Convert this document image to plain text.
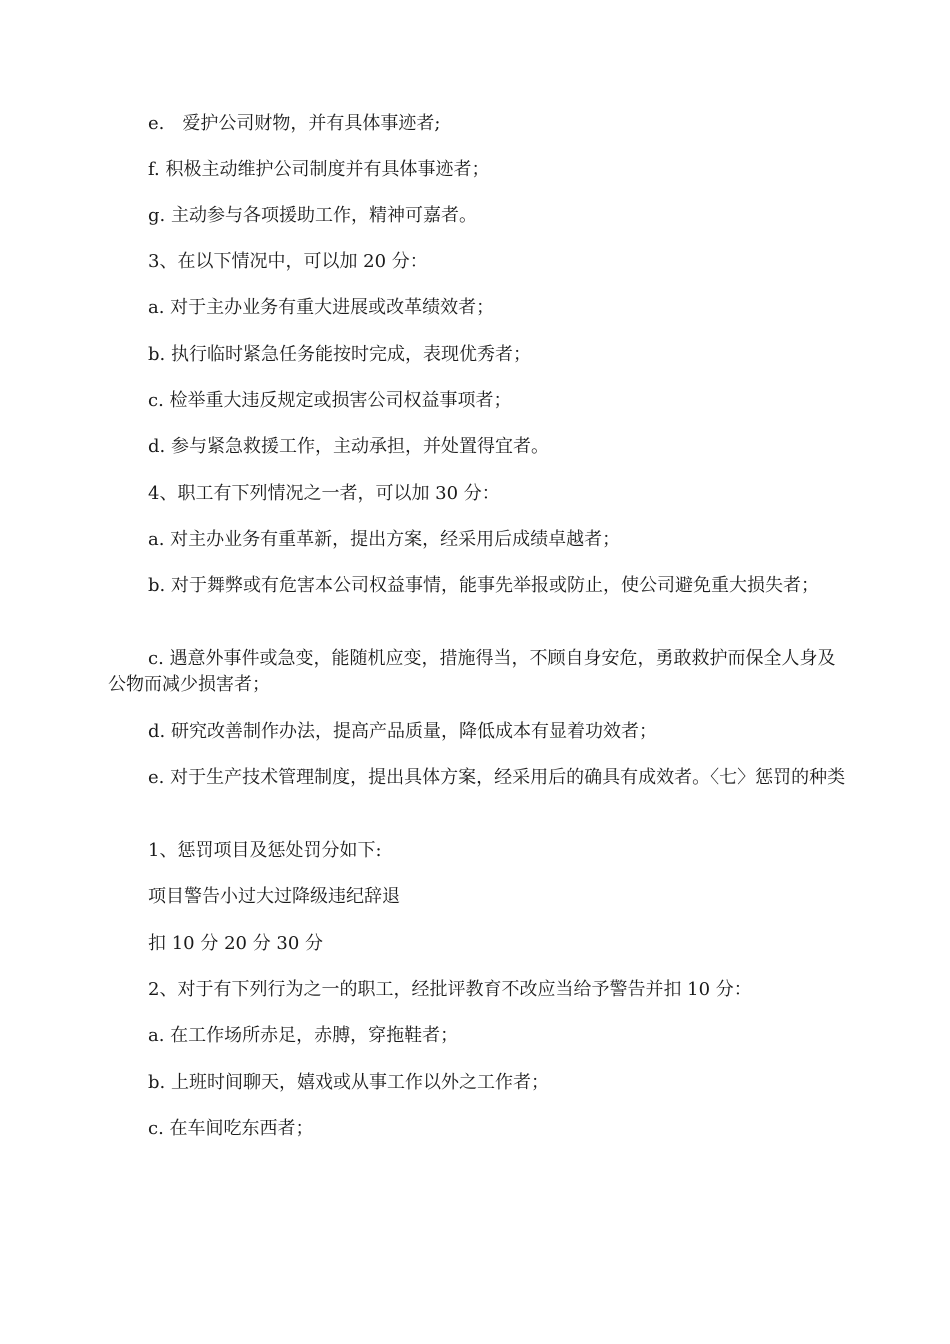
e.　爱护公司财物，并有具体事迹者;

f. 积极主动维护公司制度并有具体事迹者；

g. 主动参与各项援助工作，精神可嘉者。

3、在以下情况中，可以加 20 分：

a. 对于主办业务有重大进展或改革绩效者；

b. 执行临时紧急任务能按时完成，表现优秀者；

c. 检举重大违反规定或损害公司权益事项者；

d. 参与紧急救援工作，主动承担，并处置得宜者。

4、职工有下列情况之一者，可以加 30 分：

a. 对主办业务有重革新，提出方案，经采用后成绩卓越者；

b. 对于舞弊或有危害本公司权益事情，能事先举报或防止，使公司避免重大损失者；

c. 遇意外事件或急变，能随机应变，措施得当，不顾自身安危，勇敢救护而保全人身及公物而减少损害者；

d. 研究改善制作办法，提高产品质量，降低成本有显着功效者；

e. 对于生产技术管理制度，提出具体方案，经采用后的确具有成效者。〈七〉惩罚的种类

1、惩罚项目及惩处罚分如下:

项目警告小过大过降级违纪辞退

扣 10 分 20 分 30 分

2、对于有下列行为之一的职工，经批评教育不改应当给予警告并扣 10 分：

a. 在工作场所赤足，赤膊，穿拖鞋者；

b. 上班时间聊天，嬉戏或从事工作以外之工作者；

c. 在车间吃东西者；
